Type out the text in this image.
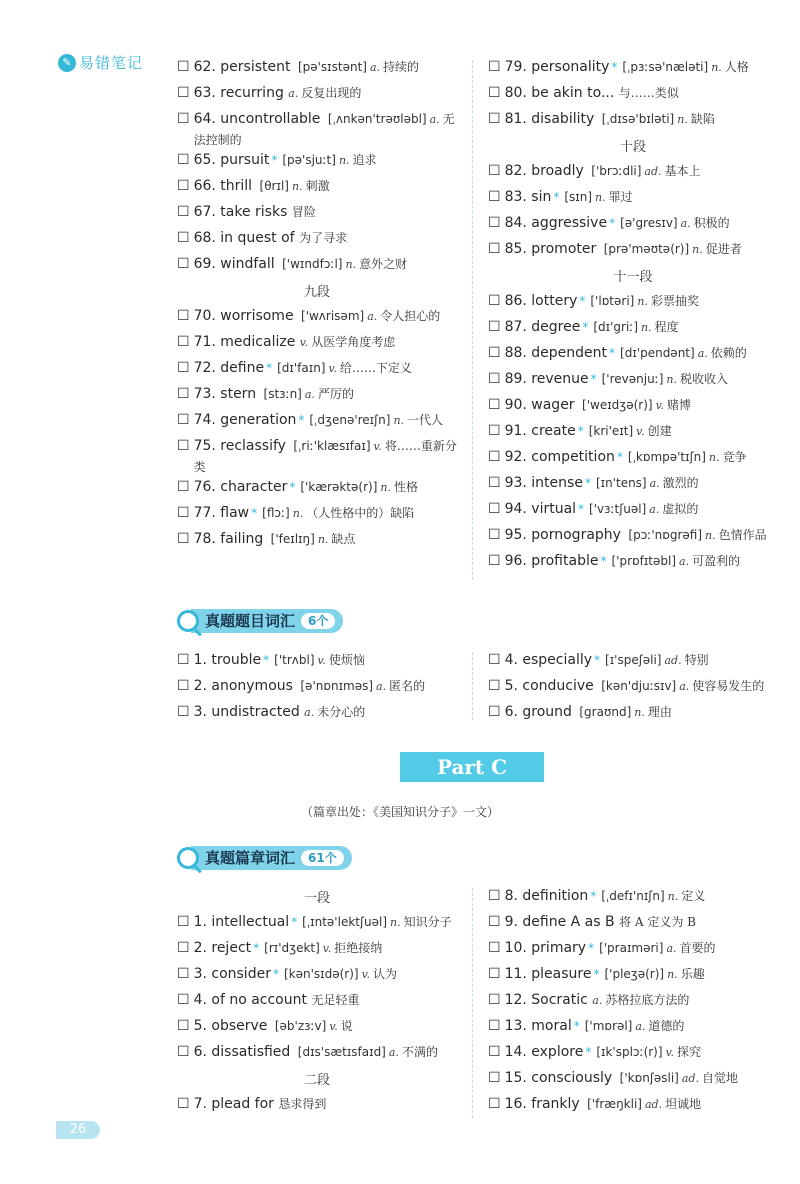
✎ 易错笔记 ☐ 62. persistent [pə'sɪstənt] a. 持续的
☐ 63. recurring a. 反复出现的
☐ 64. uncontrollable [ˌʌnkən'trəʊləbl] a. 无法控制的
☐ 65. pursuit * [pə'sjuːt] n. 追求
☐ 66. thrill [θrɪl] n. 刺激
☐ 67. take risks 冒险
☐ 68. in quest of 为了寻求
☐ 69. windfall ['wɪndfɔːl] n. 意外之财
九段
☐ 70. worrisome ['wʌrisəm] a. 令人担心的
☐ 71. medicalize v. 从医学角度考虑
☐ 72. define * [dɪ'faɪn] v. 给……下定义
☐ 73. stern [stɜːn] a. 严厉的
☐ 74. generation * [ˌdʒenə'reɪʃn] n. 一代人
☐ 75. reclassify [ˌriː'klæsɪfaɪ] v. 将……重新分类
☐ 76. character * ['kærəktə(r)] n. 性格
☐ 77. flaw * [flɔː] n. （人性格中的）缺陷
☐ 78. failing ['feɪlɪŋ] n. 缺点
☐ 79. personality * [ˌpɜːsə'næləti] n. 人格
☐ 80. be akin to... 与……类似
☐ 81. disability [ˌdɪsə'bɪləti] n. 缺陷
十段
☐ 82. broadly ['brɔːdli] ad. 基本上
☐ 83. sin * [sɪn] n. 罪过
☐ 84. aggressive * [ə'gresɪv] a. 积极的
☐ 85. promoter [prə'məʊtə(r)] n. 促进者
十一段
☐ 86. lottery * ['lɒtəri] n. 彩票抽奖
☐ 87. degree * [dɪ'griː] n. 程度
☐ 88. dependent * [dɪ'pendənt] a. 依赖的
☐ 89. revenue * ['revənjuː] n. 税收收入
☐ 90. wager ['weɪdʒə(r)] v. 赌博
☐ 91. create * [kri'eɪt] v. 创建
☐ 92. competition * [ˌkɒmpə'tɪʃn] n. 竞争
☐ 93. intense * [ɪn'tens] a. 激烈的
☐ 94. virtual * ['vɜːtʃuəl] a. 虚拟的
☐ 95. pornography [pɔː'nɒgrəfi] n. 色情作品
☐ 96. profitable * ['prɒfɪtəbl] a. 可盈利的
真题题目词汇	6个
☐ 1. trouble * ['trʌbl] v. 使烦恼
☐ 2. anonymous [ə'nɒnɪməs] a. 匿名的
☐ 3. undistracted a. 未分心的
☐ 4. especially * [ɪ'speʃəli] ad. 特别
☐ 5. conducive [kən'djuːsɪv] a. 使容易发生的
☐ 6. ground [graʊnd] n. 理由
Part C
（篇章出处：《美国知识分子》一文）
真题篇章词汇	61个
一段
☐ 1. intellectual * [ˌɪntə'lektʃuəl] n. 知识分子
☐ 2. reject * [rɪ'dʒekt] v. 拒绝接纳
☐ 3. consider * [kən'sɪdə(r)] v. 认为
☐ 4. of no account 无足轻重
☐ 5. observe [əb'zɜːv] v. 说
☐ 6. dissatisfied [dɪs'sætɪsfaɪd] a. 不满的
二段
☐ 7. plead for 恳求得到
☐ 8. definition * [ˌdefɪ'nɪʃn] n. 定义
☐ 9. define A as B 将 A 定义为 B
☐ 10. primary * ['praɪməri] a. 首要的
☐ 11. pleasure * ['pleʒə(r)] n. 乐趣
☐ 12. Socratic a. 苏格拉底方法的
☐ 13. moral * ['mɒrəl] a. 道德的
☐ 14. explore * [ɪk'splɔː(r)] v. 探究
☐ 15. consciously ['kɒnʃəsli] ad. 自觉地
☐ 16. frankly ['fræŋkli] ad. 坦诚地
26
